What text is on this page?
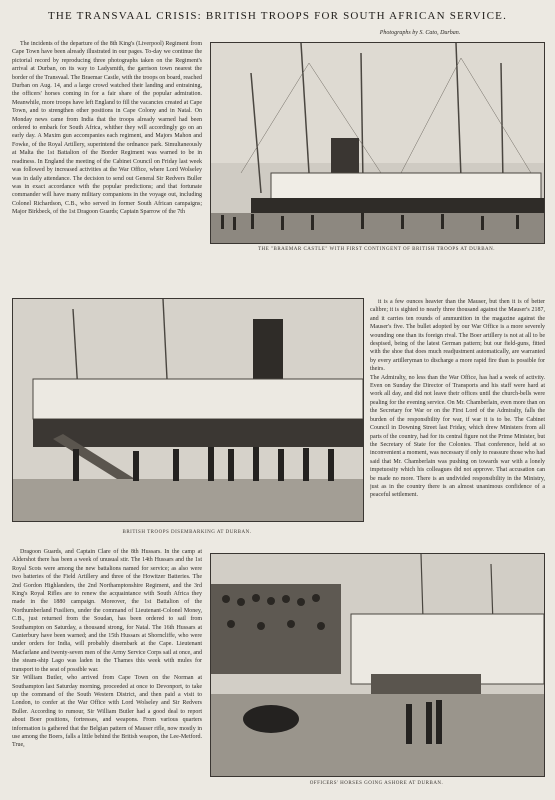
THE TRANSVAAL CRISIS: BRITISH TROOPS FOR SOUTH AFRICAN SERVICE.
Photographs by S. Cato, Durban.

The incidents of the departure of the 8th King's (Liverpool) Regiment from Cape Town have been already illustrated in our pages. To-day we continue the pictorial record by reproducing three photographs taken on the Regiment's arrival at Durban, on its way to Ladysmith, the garrison town nearest the border of the Transvaal. The Braemar Castle, with the troops on board, reached Durban on Aug. 14, and a large crowd watched their landing and entraining, the officers' horses coming in for a fair share of the popular admiration. Meanwhile, more troops have left England to fill the vacancies created at Cape Town, and to strengthen other positions in Cape Colony and in Natal. On Monday news came from India that the troops already warned had been ordered to embark for South Africa, whither they will accordingly go on an early day. A Maxim gun accompanies each regiment, and Majors Mahon and Fowke, of the Royal Artillery, superintend the ordnance park. Simultaneously at Malta the 1st Battalion of the Border Regiment was warned to be in readiness. In England the meeting of the Cabinet Council on Friday last week was followed by increased activities at the War Office, where Lord Wolseley was in daily attendance. The decision to send out General Sir Redvers Buller was in exact accordance with the popular predictions; and that fortunate commander will have many military companions in the voyage out, including Colonel Richardson, C.B., who served in former South African campaigns; Major Birkbeck, of the 1st Dragoon Guards; Captain Sparrow of the 7th

THE "BRAEMAR CASTLE" WITH FIRST CONTINGENT OF BRITISH TROOPS AT DURBAN.
BRITISH TROOPS DISEMBARKING AT DURBAN.

it is a few ounces heavier than the Mauser, but then it is of better calibre; it is sighted to nearly three thousand against the Mauser's 2187, and it carries ten rounds of ammunition in the magazine against the Mauser's five. The bullet adopted by our War Office is a more severely wounding one than its foreign rival. The Boer artillery is not at all to be despised, being of the latest German pattern; but our field-guns, fitted with the shoe that does much readjustment automatically, are warranted by every artilleryman to discharge a more rapid fire than is possible for theirs.
The Admiralty, no less than the War Office, has had a week of activity. Even on Sunday the Director of Transports and his staff were hard at work all day, and did not leave their offices until the church-bells were pealing for the evening service. On Mr. Chamberlain, even more than on the Secretary for War or on the First Lord of the Admiralty, falls the burden of the responsibility for war, if war it is to be. The Cabinet Council in Downing Street last Friday, which drew Ministers from all parts of the country, had for its central figure not the Prime Minister, but the Secretary of State for the Colonies. That conference, held at so inconvenient a moment, was necessary if only to reassure those who had said that Mr. Chamberlain was pushing on towards war with a lonely impetuosity which his colleagues did not approve. That accusation can be made no more. There is an undivided responsibility in the Ministry, just as in the country there is an almost unanimous confidence of a peaceful settlement.

Dragoon Guards, and Captain Clare of the 8th Hussars. In the camp at Aldershot there has been a week of unusual stir. The 14th Hussars and the 1st Royal Scots were among the new battalions named for service; as also were two batteries of the Field Artillery and three of the Howitzer Batteries. The 2nd Gordon Highlanders, the 2nd Northamptonshire Regiment, and the 3rd King's Royal Rifles are to renew the acquaintance with South Africa they made in the 1880 campaign. Moreover, the 1st Battalion of the Northumberland Fusiliers, under the command of Lieutenant-Colonel Money, C.B., just returned from the Soudan, has been ordered to sail from Southampton on Saturday, a thousand strong, for Natal. The 16th Hussars at Canterbury have been warned; and the 15th Hussars at Shorncliffe, who were under orders for India, will probably disembark at the Cape. Lieutenant Macfarlane and twenty-seven men of the Army Service Corps sail at once, and the steam-ship Lago was laden in the Thames this week with mules for transport to the seat of possible war.
Sir William Butler, who arrived from Cape Town on the Norman at Southampton last Saturday morning, proceeded at once to Devonport, to take up the command of the South Western District, and then paid a visit to London, to confer at the War Office with Lord Wolseley and Sir Redvers Buller. According to rumour, Sir William Butler had a good deal to report about Boer positions, fortresses, and weapons. From various quarters information is gathered that the Belgian pattern of Mauser rifle, now mostly in use among the Boers, falls a little behind the British weapon, the Lee-Metford. True,

OFFICERS' HORSES GOING ASHORE AT DURBAN.
